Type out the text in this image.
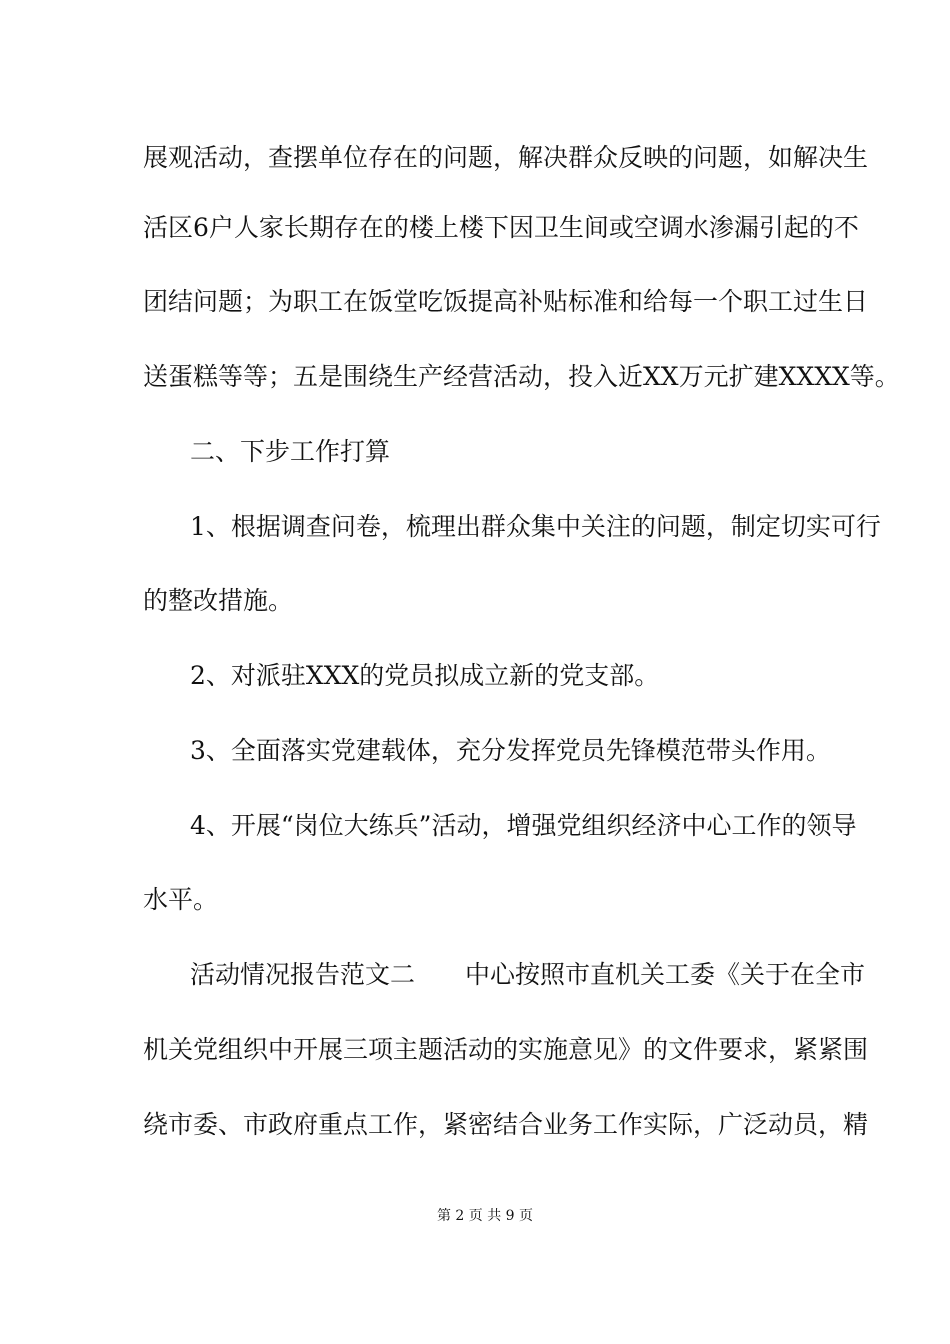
展观活动，查摆单位存在的问题，解决群众反映的问题，如解决生
活区6户人家长期存在的楼上楼下因卫生间或空调水渗漏引起的不
团结问题；为职工在饭堂吃饭提高补贴标准和给每一个职工过生日
送蛋糕等等；五是围绕生产经营活动，投入近XX万元扩建XXXX等。
二、下步工作打算
1、根据调查问卷，梳理出群众集中关注的问题，制定切实可行
的整改措施。
2、对派驻XXX的党员拟成立新的党支部。
3、全面落实党建载体，充分发挥党员先锋模范带头作用。
4、开展“岗位大练兵”活动，增强党组织经济中心工作的领导
水平。
活动情况报告范文二　　中心按照市直机关工委《关于在全市
机关党组织中开展三项主题活动的实施意见》的文件要求，紧紧围
绕市委、市政府重点工作，紧密结合业务工作实际，广泛动员，精
第 2 页 共 9 页
